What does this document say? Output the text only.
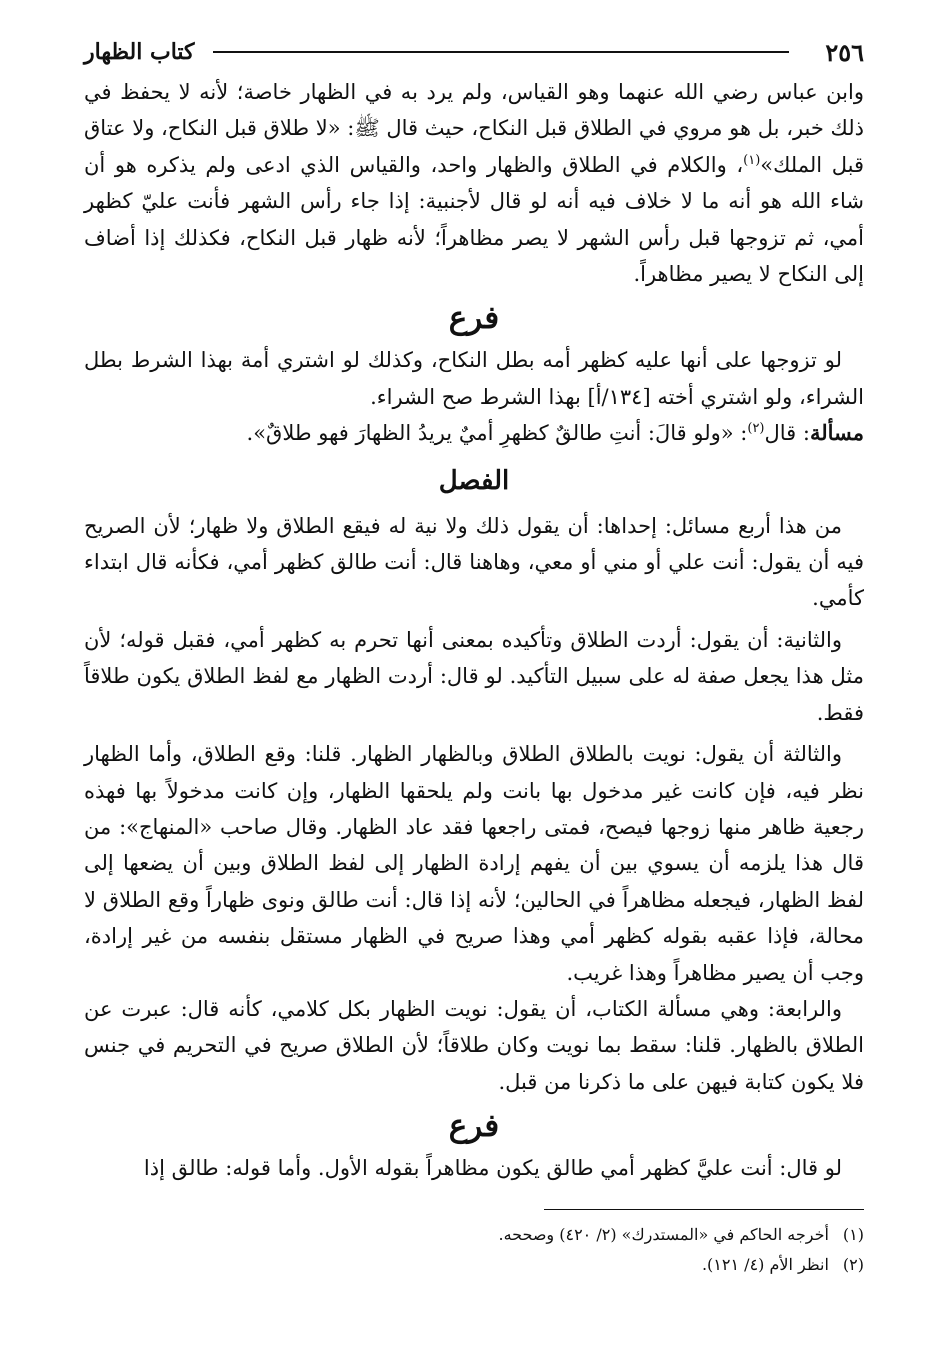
٢٥٦
كتاب الظهار

وابن عباس رضي الله عنهما وهو القياس، ولم يرد به في الظهار خاصة؛ لأنه لا يحفظ في ذلك خبر، بل هو مروي في الطلاق قبل النكاح، حيث قال ﷺ: «لا طلاق قبل النكاح، ولا عتاق قبل الملك»$^{(١)}$، والكلام في الطلاق والظهار واحد، والقياس الذي ادعى ولم يذكره هو أن شاء الله هو أنه ما لا خلاف فيه أنه لو قال لأجنبية: إذا جاء رأس الشهر فأنت عليّ كظهر أمي، ثم تزوجها قبل رأس الشهر لا يصر مظاهراً؛ لأنه ظهار قبل النكاح، فكذلك إذا أضاف إلى النكاح لا يصير مظاهراً.

فرع

لو تزوجها على أنها عليه كظهر أمه بطل النكاح، وكذلك لو اشتري أمة بهذا الشرط بطل الشراء، ولو اشتري أخته [١٣٤/أ] بهذا الشرط صح الشراء.

مسألة: قال$^{(٢)}$: «ولو قالَ: أنتِ طالقٌ كظهرِ أميٌ يريدُ الظهارَ فهو طلاقٌ».

الفصل

من هذا أربع مسائل: إحداها: أن يقول ذلك ولا نية له فيقع الطلاق ولا ظهار؛ لأن الصريح فيه أن يقول: أنت علي أو مني أو معي، وهاهنا قال: أنت طالق كظهر أمي، فكأنه قال ابتداء كأمي.

والثانية: أن يقول: أردت الطلاق وتأكيده بمعنى أنها تحرم به كظهر أمي، فقبل قوله؛ لأن مثل هذا يجعل صفة له على سبيل التأكيد. لو قال: أردت الظهار مع لفظ الطلاق يكون طلاقاً فقط.

والثالثة أن يقول: نويت بالطلاق الطلاق وبالظهار الظهار. قلنا: وقع الطلاق، وأما الظهار نظر فيه، فإن كانت غير مدخول بها بانت ولم يلحقها الظهار، وإن كانت مدخولاً بها فهذه رجعية ظاهر منها زوجها فيصح، فمتى راجعها فقد عاد الظهار. وقال صاحب «المنهاج»: من قال هذا يلزمه أن يسوي بين أن يفهم إرادة الظهار إلى لفظ الطلاق وبين أن يضعها إلى لفظ الظهار، فيجعله مظاهراً في الحالين؛ لأنه إذا قال: أنت طالق ونوى ظهاراً وقع الطلاق لا محالة، فإذا عقبه بقوله كظهر أمي وهذا صريح في الظهار مستقل بنفسه من غير إرادة، وجب أن يصير مظاهراً وهذا غريب.

والرابعة: وهي مسألة الكتاب، أن يقول: نويت الظهار بكل كلامي، كأنه قال: عبرت عن الطلاق بالظهار. قلنا: سقط بما نويت وكان طلاقاً؛ لأن الطلاق صريح في التحريم في جنس فلا يكون كتابة فيهن على ما ذكرنا من قبل.

فرع

لو قال: أنت عليَّ كظهر أمي طالق يكون مظاهراً بقوله الأول. وأما قوله: طالق إذا

(١) أخرجه الحاكم في «المستدرك» (٢/ ٤٢٠) وصححه.

(٢) انظر الأم (٤/ ١٢١).
